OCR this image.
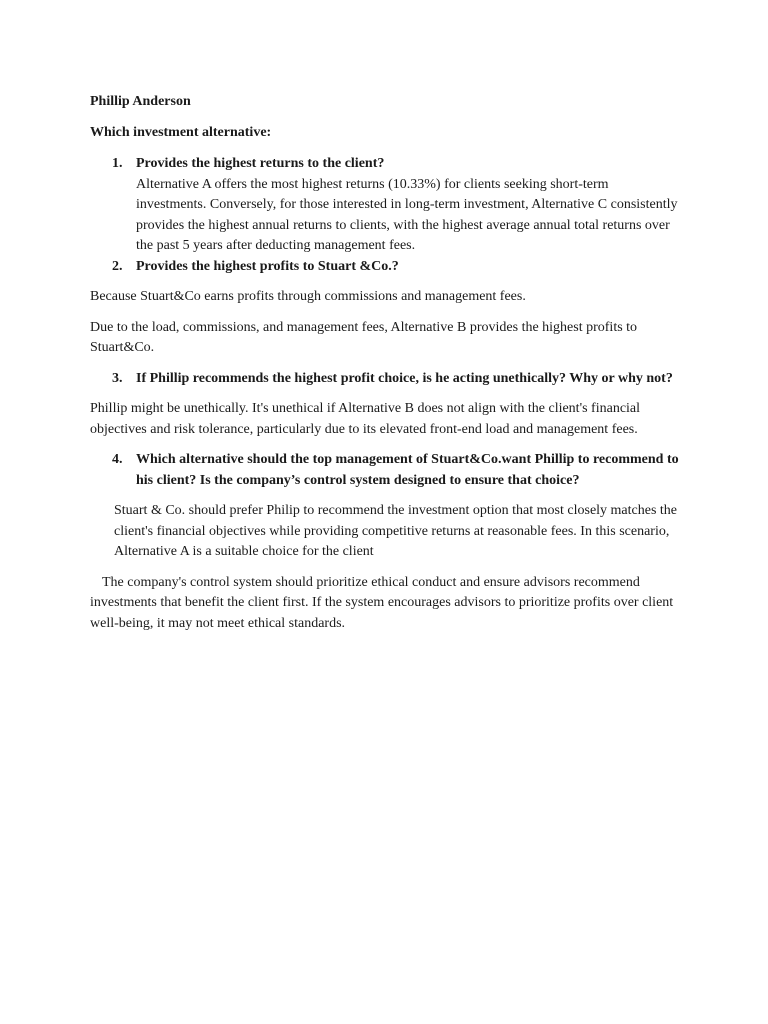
Phillip Anderson

Which investment alternative:

1. Provides the highest returns to the client?
Alternative A offers the most highest returns (10.33%) for clients seeking short-term investments. Conversely, for those interested in long-term investment, Alternative C consistently provides the highest annual returns to clients, with the highest average annual total returns over the past 5 years after deducting management fees.
2. Provides the highest profits to Stuart &Co.?

Because Stuart&Co earns profits through commissions and management fees.

Due to the load, commissions, and management fees, Alternative B provides the highest profits to Stuart&Co.

3. If Phillip recommends the highest profit choice, is he acting unethically? Why or why not?

Phillip might be unethically. It's unethical if Alternative B does not align with the client's financial objectives and risk tolerance, particularly due to its elevated front-end load and management fees.

4. Which alternative should the top management of Stuart&Co.want Phillip to recommend to his client? Is the company’s control system designed to ensure that choice?

Stuart & Co. should prefer Philip to recommend the investment option that most closely matches the client's financial objectives while providing competitive returns at reasonable fees. In this scenario, Alternative A is a suitable choice for the client

The company's control system should prioritize ethical conduct and ensure advisors recommend investments that benefit the client first. If the system encourages advisors to prioritize profits over client well-being, it may not meet ethical standards.
